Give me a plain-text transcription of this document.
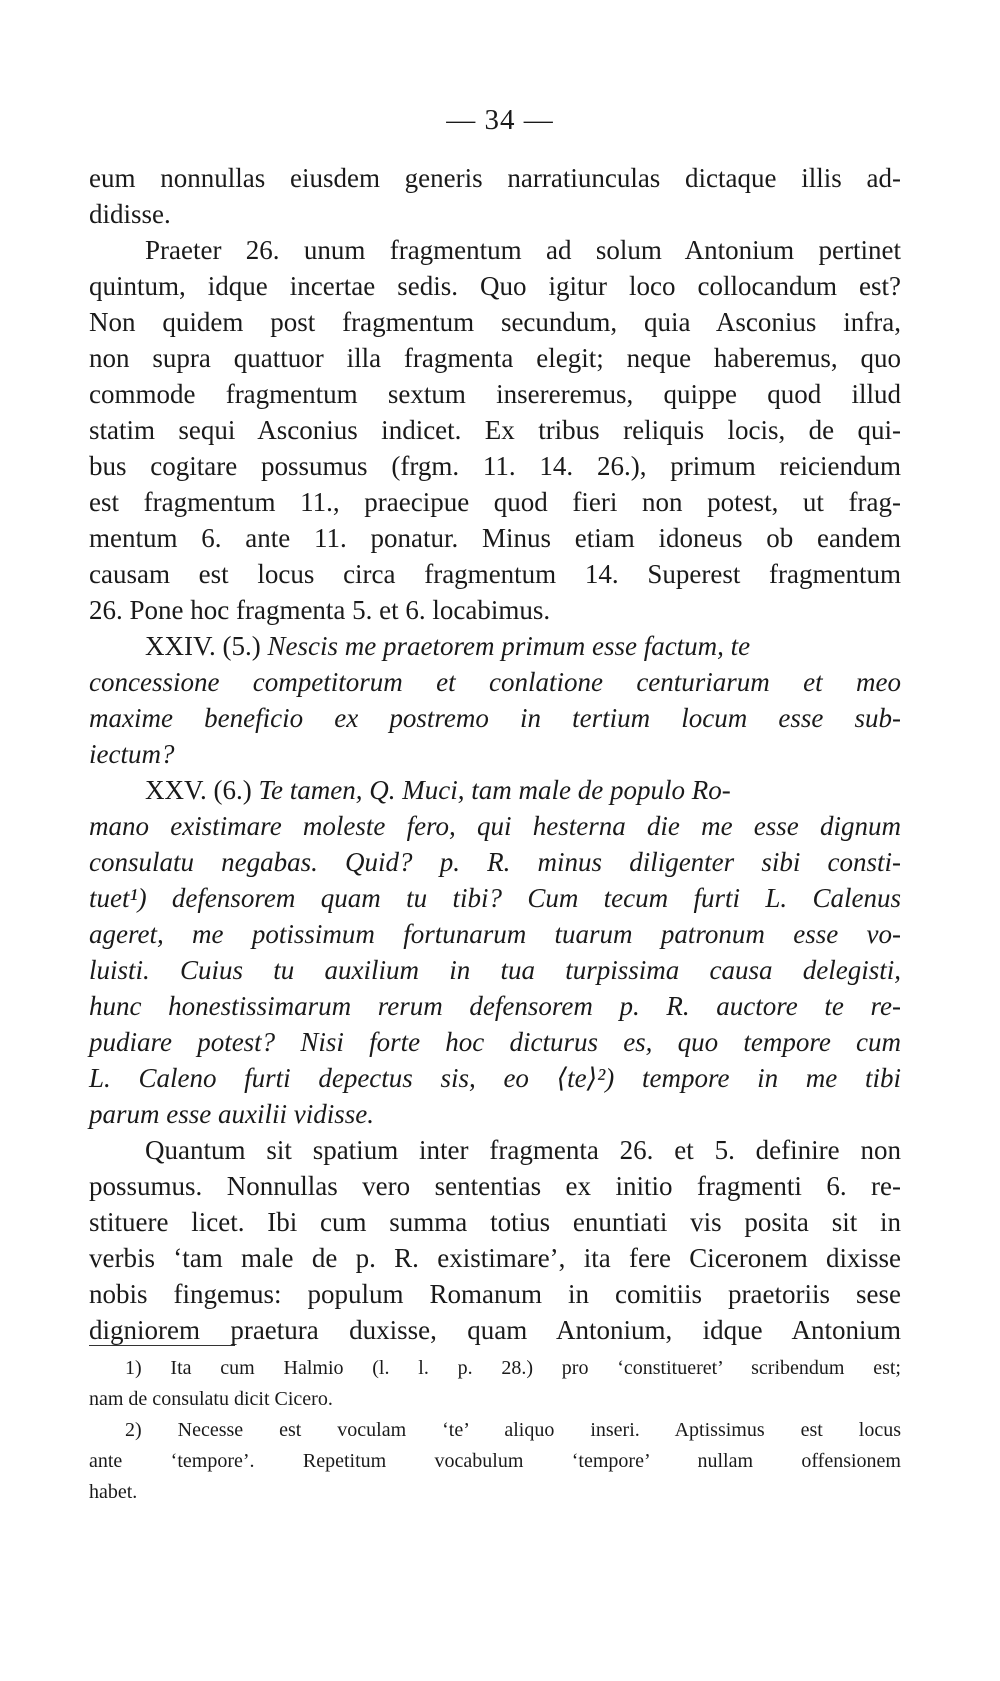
— 34 —
eum nonnullas eiusdem generis narratiunculas dictaque illis ad-
didisse.
Praeter 26. unum fragmentum ad solum Antonium pertinet
quintum, idque incertae sedis. Quo igitur loco collocandum est?
Non quidem post fragmentum secundum, quia Asconius infra,
non supra quattuor illa fragmenta elegit; neque haberemus, quo
commode fragmentum sextum insereremus, quippe quod illud
statim sequi Asconius indicet. Ex tribus reliquis locis, de qui-
bus cogitare possumus (frgm. 11. 14. 26.), primum reiciendum
est fragmentum 11., praecipue quod fieri non potest, ut frag-
mentum 6. ante 11. ponatur. Minus etiam idoneus ob eandem
causam est locus circa fragmentum 14. Superest fragmentum
26. Pone hoc fragmenta 5. et 6. locabimus.
XXIV. (5.) Nescis me praetorem primum esse factum, te
concessione competitorum et conlatione centuriarum et meo
maxime beneficio ex postremo in tertium locum esse sub-
iectum?
XXV. (6.) Te tamen, Q. Muci, tam male de populo Ro-
mano existimare moleste fero, qui hesterna die me esse dignum
consulatu negabas. Quid? p. R. minus diligenter sibi consti-
tuet¹) defensorem quam tu tibi? Cum tecum furti L. Calenus
ageret, me potissimum fortunarum tuarum patronum esse vo-
luisti. Cuius tu auxilium in tua turpissima causa delegisti,
hunc honestissimarum rerum defensorem p. R. auctore te re-
pudiare potest? Nisi forte hoc dicturus es, quo tempore cum
L. Caleno furti depectus sis, eo ⟨te⟩²) tempore in me tibi
parum esse auxilii vidisse.
Quantum sit spatium inter fragmenta 26. et 5. definire non
possumus. Nonnullas vero sententias ex initio fragmenti 6. re-
stituere licet. Ibi cum summa totius enuntiati vis posita sit in
verbis ‘tam male de p. R. existimare’, ita fere Ciceronem dixisse
nobis fingemus: populum Romanum in comitiis praetoriis sese
digniorem praetura duxisse, quam Antonium, idque Antonium
1) Ita cum Halmio (l. l. p. 28.) pro ‘constitueret’ scribendum est;
nam de consulatu dicit Cicero.
2) Necesse est voculam ‘te’ aliquo inseri. Aptissimus est locus
ante ‘tempore’. Repetitum vocabulum ‘tempore’ nullam offensionem
habet.
